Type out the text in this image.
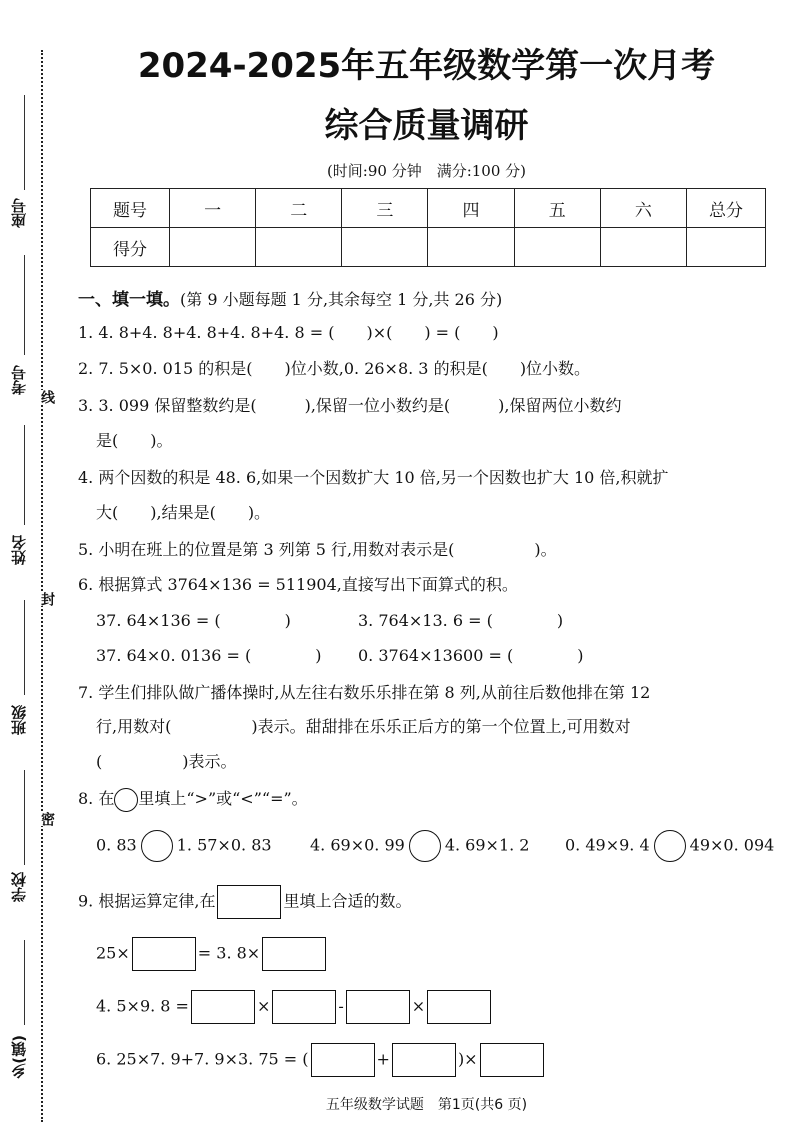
座号
考号
姓名
班级
学校
乡(镇)
线
封
密
2024-2025年五年级数学第一次月考
综合质量调研
(时间:90 分钟　满分:100 分)
题号	一	二	三	四	五	六	总分
得分							
一、填一填。(第 9 小题每题 1 分,其余每空 1 分,共 26 分)
1. 4. 8+4. 8+4. 8+4. 8+4. 8 = (　　)×(　　) = (　　)
2. 7. 5×0. 015 的积是(　　)位小数,0. 26×8. 3 的积是(　　)位小数。
3. 3. 099 保留整数约是(　　　),保留一位小数约是(　　　),保留两位小数约
是(　　)。
4. 两个因数的积是 48. 6,如果一个因数扩大 10 倍,另一个因数也扩大 10 倍,积就扩
大(　　),结果是(　　)。
5. 小明在班上的位置是第 3 列第 5 行,用数对表示是(　　　　　)。
6. 根据算式 3764×136 = 511904,直接写出下面算式的积。
37. 64×136 = (　　　　)	3. 764×13. 6 = (　　　　)
37. 64×0. 0136 = (　　　　) 0. 3764×13600 = (　　　　)
7. 学生们排队做广播体操时,从左往右数乐乐排在第 8 列,从前往后数他排在第 12
行,用数对(　　　　　)表示。甜甜排在乐乐正后方的第一个位置上,可用数对
(　　　　　)表示。
8. 在 里填上“>”或“<”“=”。
0. 83	1. 57×0. 83 4. 69×0. 99	4. 69×1. 2 0. 49×9. 4	49×0. 094
9. 根据运算定律,在	里填上合适的数。
25×	= 3. 8×
4. 5×9. 8 =	×	-	×
6. 25×7. 9+7. 9×3. 75 = (	+	)×
五年级数学试题　第1页(共6 页)
